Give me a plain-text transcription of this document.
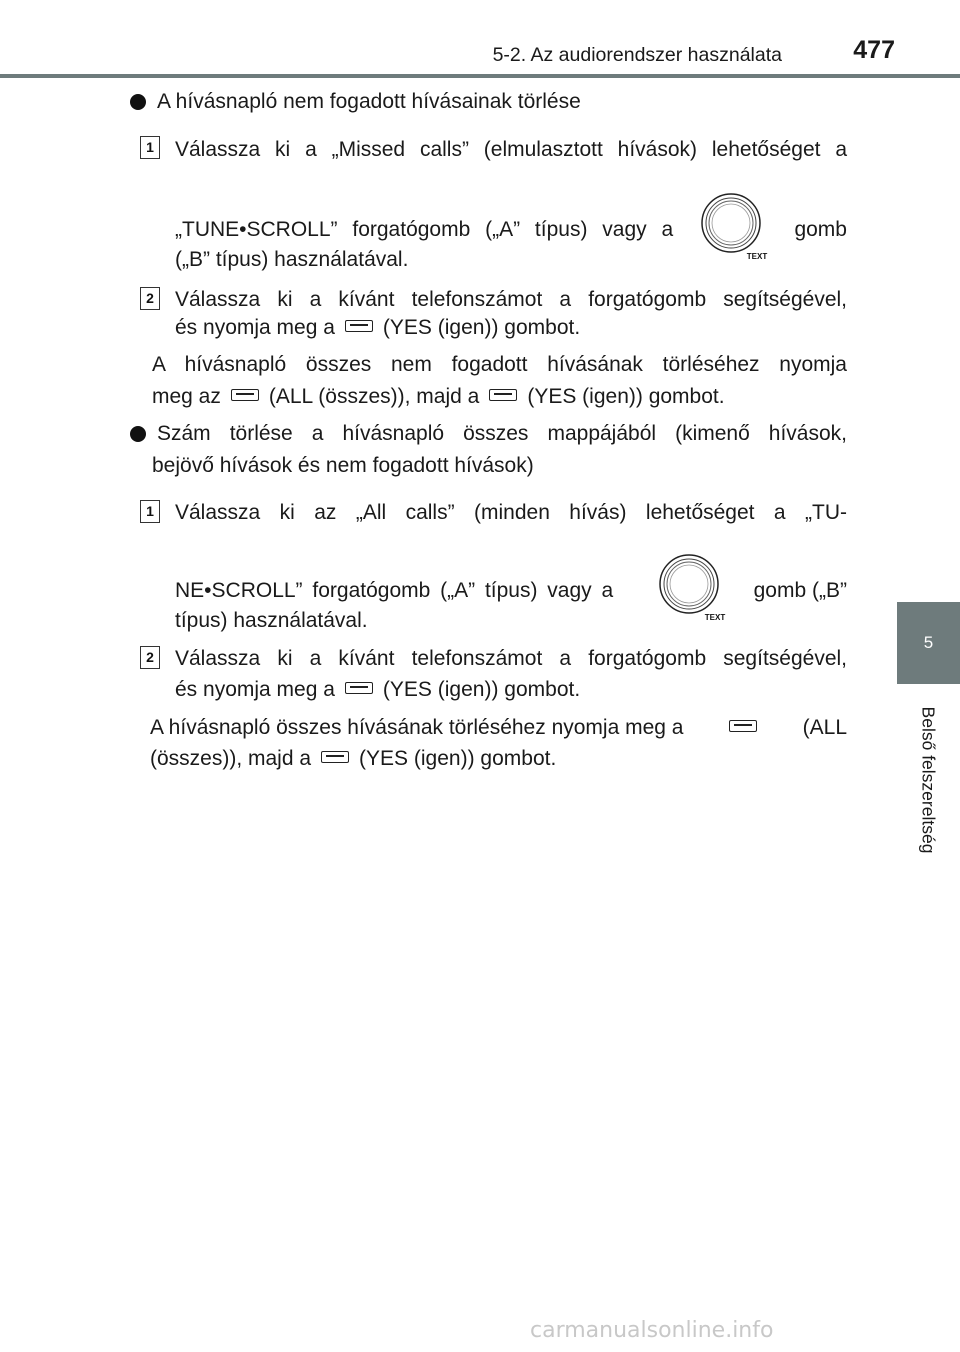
5-2. Az audiorendszer használata	477
5
Belső felszereltség
A hívásnapló nem fogadott hívásainak törlése
1 Válassza ki a „Missed calls” (elmulasztott hívások) lehetőséget a
„TUNE•SCROLL” forgatógomb („A” típus) vagy a
TEXT
gomb
(„B” típus) használatával.
2 Válassza ki a kívánt telefonszámot a forgatógomb segítségével,
és nyomja meg a (YES (igen)) gombot.
A hívásnapló összes nem fogadott hívásának törléséhez nyomja
meg az (ALL (összes)), majd a (YES (igen)) gombot.
Szám törlése a hívásnapló összes mappájából (kimenő hívások,
bejövő hívások és nem fogadott hívások)
1 Válassza ki az „All calls” (minden hívás) lehetőséget a „TU-
NE•SCROLL” forgatógomb („A” típus) vagy a
TEXT
gomb („B”
típus) használatával.
2 Válassza ki a kívánt telefonszámot a forgatógomb segítségével,
és nyomja meg a (YES (igen)) gombot.
A hívásnapló összes hívásának törléséhez nyomja meg a	(ALL
(összes)), majd a (YES (igen)) gombot.
carmanualsonline.info
